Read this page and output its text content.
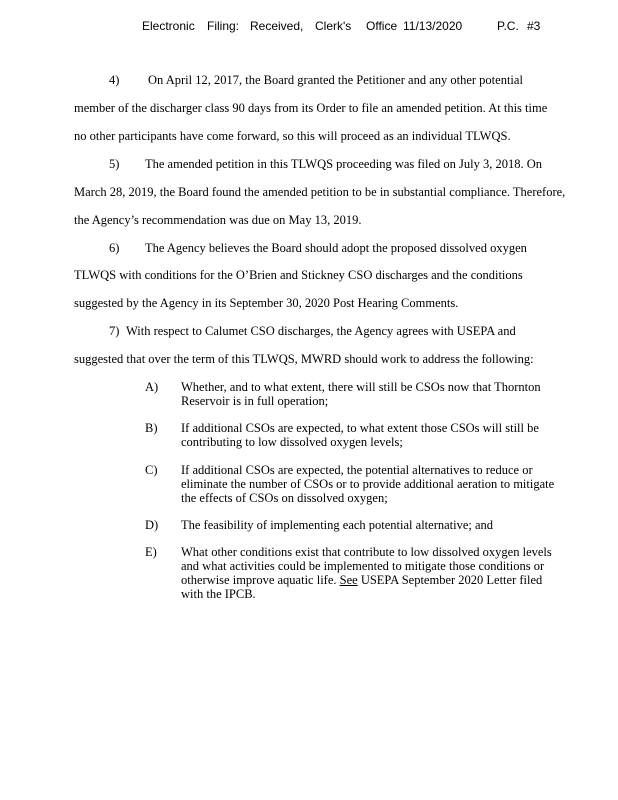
Electronic Filing: Received, Clerk's Office 11/13/2020	P.C. #3
4) On April 12, 2017, the Board granted the Petitioner and any other potential
member of the discharger class 90 days from its Order to file an amended petition. At this time
no other participants have come forward, so this will proceed as an individual TLWQS.
5) The amended petition in this TLWQS proceeding was filed on July 3, 2018. On
March 28, 2019, the Board found the amended petition to be in substantial compliance. Therefore,
the Agency’s recommendation was due on May 13, 2019.
6) The Agency believes the Board should adopt the proposed dissolved oxygen
TLWQS with conditions for the O’Brien and Stickney CSO discharges and the conditions
suggested by the Agency in its September 30, 2020 Post Hearing Comments.
7) With respect to Calumet CSO discharges, the Agency agrees with USEPA and
suggested that over the term of this TLWQS, MWRD should work to address the following:
A) Whether, and to what extent, there will still be CSOs now that Thornton
Reservoir is in full operation;
B) If additional CSOs are expected, to what extent those CSOs will still be
contributing to low dissolved oxygen levels;
C) If additional CSOs are expected, the potential alternatives to reduce or
eliminate the number of CSOs or to provide additional aeration to mitigate
the effects of CSOs on dissolved oxygen;
D) The feasibility of implementing each potential alternative; and
E) What other conditions exist that contribute to low dissolved oxygen levels
and what activities could be implemented to mitigate those conditions or
otherwise improve aquatic life. See USEPA September 2020 Letter filed
with the IPCB.
